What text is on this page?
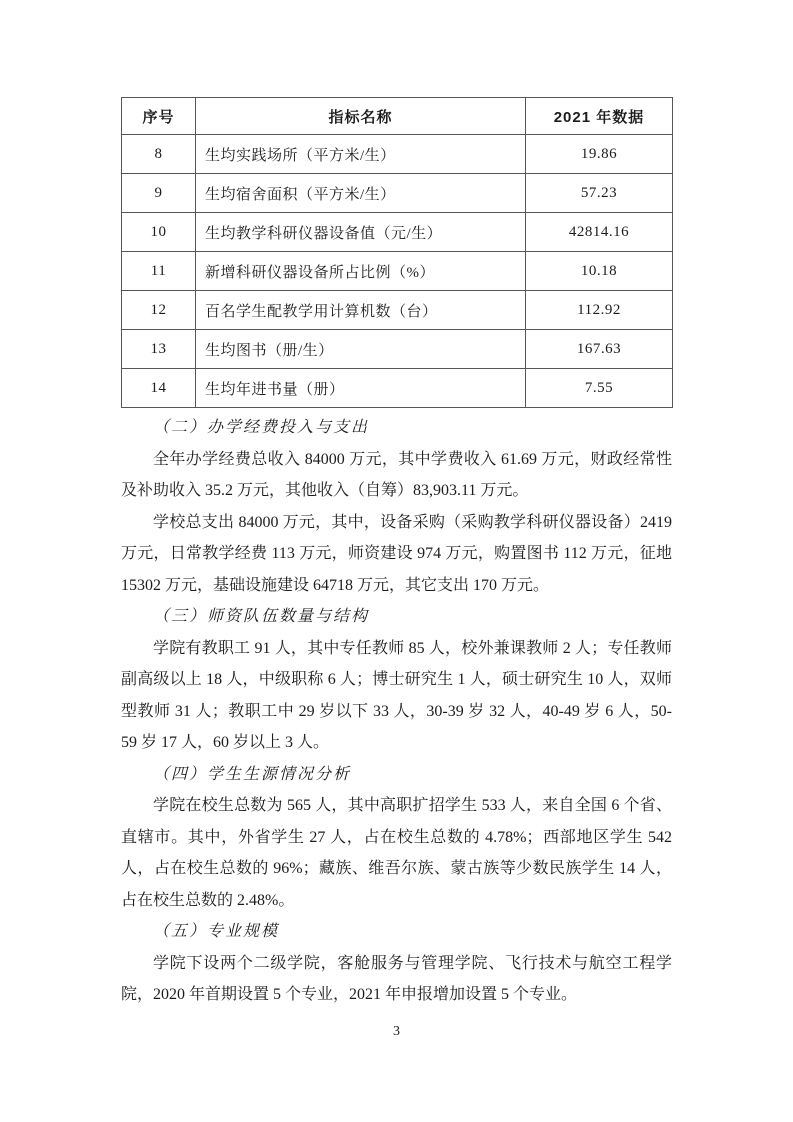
序号	指标名称	2021 年数据
8	生均实践场所（平方米/生）	19.86
9	生均宿舍面积（平方米/生）	57.23
10	生均教学科研仪器设备值（元/生）	42814.16
11	新增科研仪器设备所占比例（%）	10.18
12	百名学生配教学用计算机数（台）	112.92
13	生均图书（册/生）	167.63
14	生均年进书量（册）	7.55

（二）办学经费投入与支出

全年办学经费总收入 84000 万元，其中学费收入 61.69 万元，财政经常性及补助收入 35.2 万元，其他收入（自筹）83,903.11 万元。

学校总支出 84000 万元，其中，设备采购（采购教学科研仪器设备）2419 万元，日常教学经费 113 万元，师资建设 974 万元，购置图书 112 万元，征地 15302 万元，基础设施建设 64718 万元，其它支出 170 万元。

（三）师资队伍数量与结构

学院有教职工 91 人，其中专任教师 85 人，校外兼课教师 2 人；专任教师副高级以上 18 人，中级职称 6 人；博士研究生 1 人，硕士研究生 10 人，双师型教师 31 人；教职工中 29 岁以下 33 人，30-39 岁 32 人，40-49 岁 6 人，50-59 岁 17 人，60 岁以上 3 人。

（四）学生生源情况分析

学院在校生总数为 565 人，其中高职扩招学生 533 人，来自全国 6 个省、直辖市。其中，外省学生 27 人，占在校生总数的 4.78%；西部地区学生 542 人，占在校生总数的 96%；藏族、维吾尔族、蒙古族等少数民族学生 14 人，占在校生总数的 2.48%。

（五）专业规模

学院下设两个二级学院，客舱服务与管理学院、飞行技术与航空工程学院，2020 年首期设置 5 个专业，2021 年申报增加设置 5 个专业。

3
